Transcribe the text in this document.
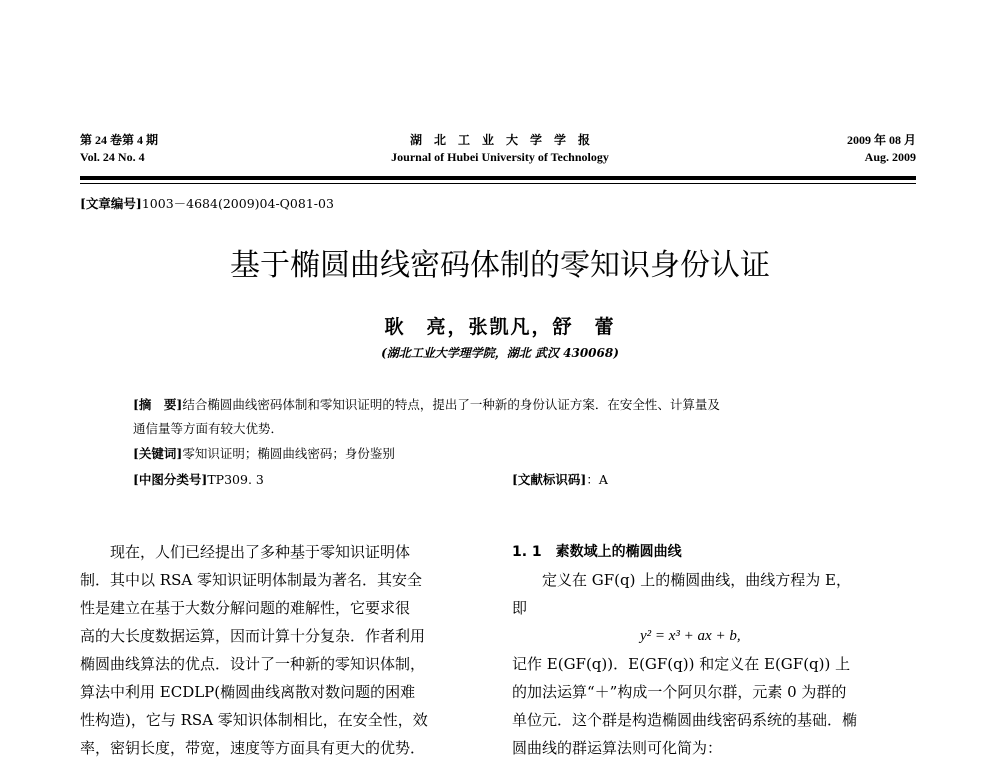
第 24 卷第 4 期
Vol. 24 No. 4
湖　北　工　业　大　学　学　报
Journal of Hubei University of Technology
2009 年 08 月
Aug. 2009
[文章编号]1003－4684(2009)04-Q081-03
基于椭圆曲线密码体制的零知识身份认证
耿　亮，张凯凡，舒　蕾
(湖北工业大学理学院，湖北 武汉 430068)
[摘　要]结合椭圆曲线密码体制和零知识证明的特点，提出了一种新的身份认证方案．在安全性、计算量及
通信量等方面有较大优势．
[关键词]零知识证明；椭圆曲线密码；身份鉴别
[中图分类号]TP309. 3	[文献标识码]：A

　　现在，人们已经提出了多种基于零知识证明体

制．其中以 RSA 零知识证明体制最为著名．其安全

性是建立在基于大数分解问题的难解性，它要求很

高的大长度数据运算，因而计算十分复杂．作者利用

椭圆曲线算法的优点．设计了一种新的零知识体制，

算法中利用 ECDLP(椭圆曲线离散对数问题的困难

性构造)，它与 RSA 零知识体制相比，在安全性，效

率，密钥长度，带宽，速度等方面具有更大的优势．

1. 1　素数域上的椭圆曲线

　　定义在 GF(q) 上的椭圆曲线，曲线方程为 E，

即

y² = x³ + ax + b,

记作 E(GF(q))．E(GF(q)) 和定义在 E(GF(q)) 上

的加法运算“＋”构成一个阿贝尔群，元素 0 为群的

单位元．这个群是构造椭圆曲线密码系统的基础．椭

圆曲线的群运算法则可化简为：
